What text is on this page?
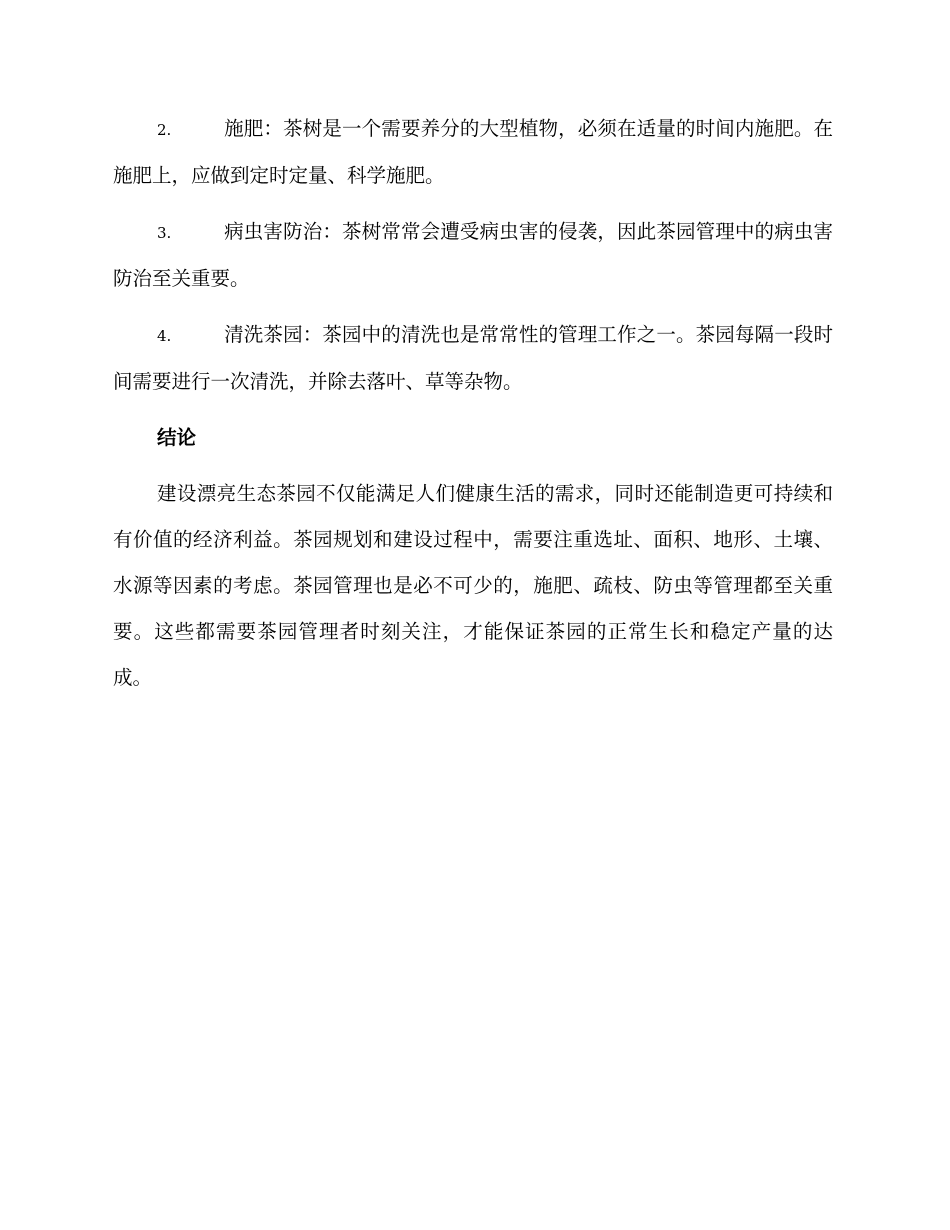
2.	施肥：茶树是一个需要养分的大型植物，必须在适量的时间内施肥。在施肥上，应做到定时定量、科学施肥。
3.	病虫害防治：茶树常常会遭受病虫害的侵袭，因此茶园管理中的病虫害防治至关重要。
4.	清洗茶园：茶园中的清洗也是常常性的管理工作之一。茶园每隔一段时间需要进行一次清洗，并除去落叶、草等杂物。
结论

建设漂亮生态茶园不仅能满足人们健康生活的需求，同时还能制造更可持续和有价值的经济利益。茶园规划和建设过程中，需要注重选址、面积、地形、土壤、水源等因素的考虑。茶园管理也是必不可少的，施肥、疏枝、防虫等管理都至关重要。这些都需要茶园管理者时刻关注，才能保证茶园的正常生长和稳定产量的达成。
